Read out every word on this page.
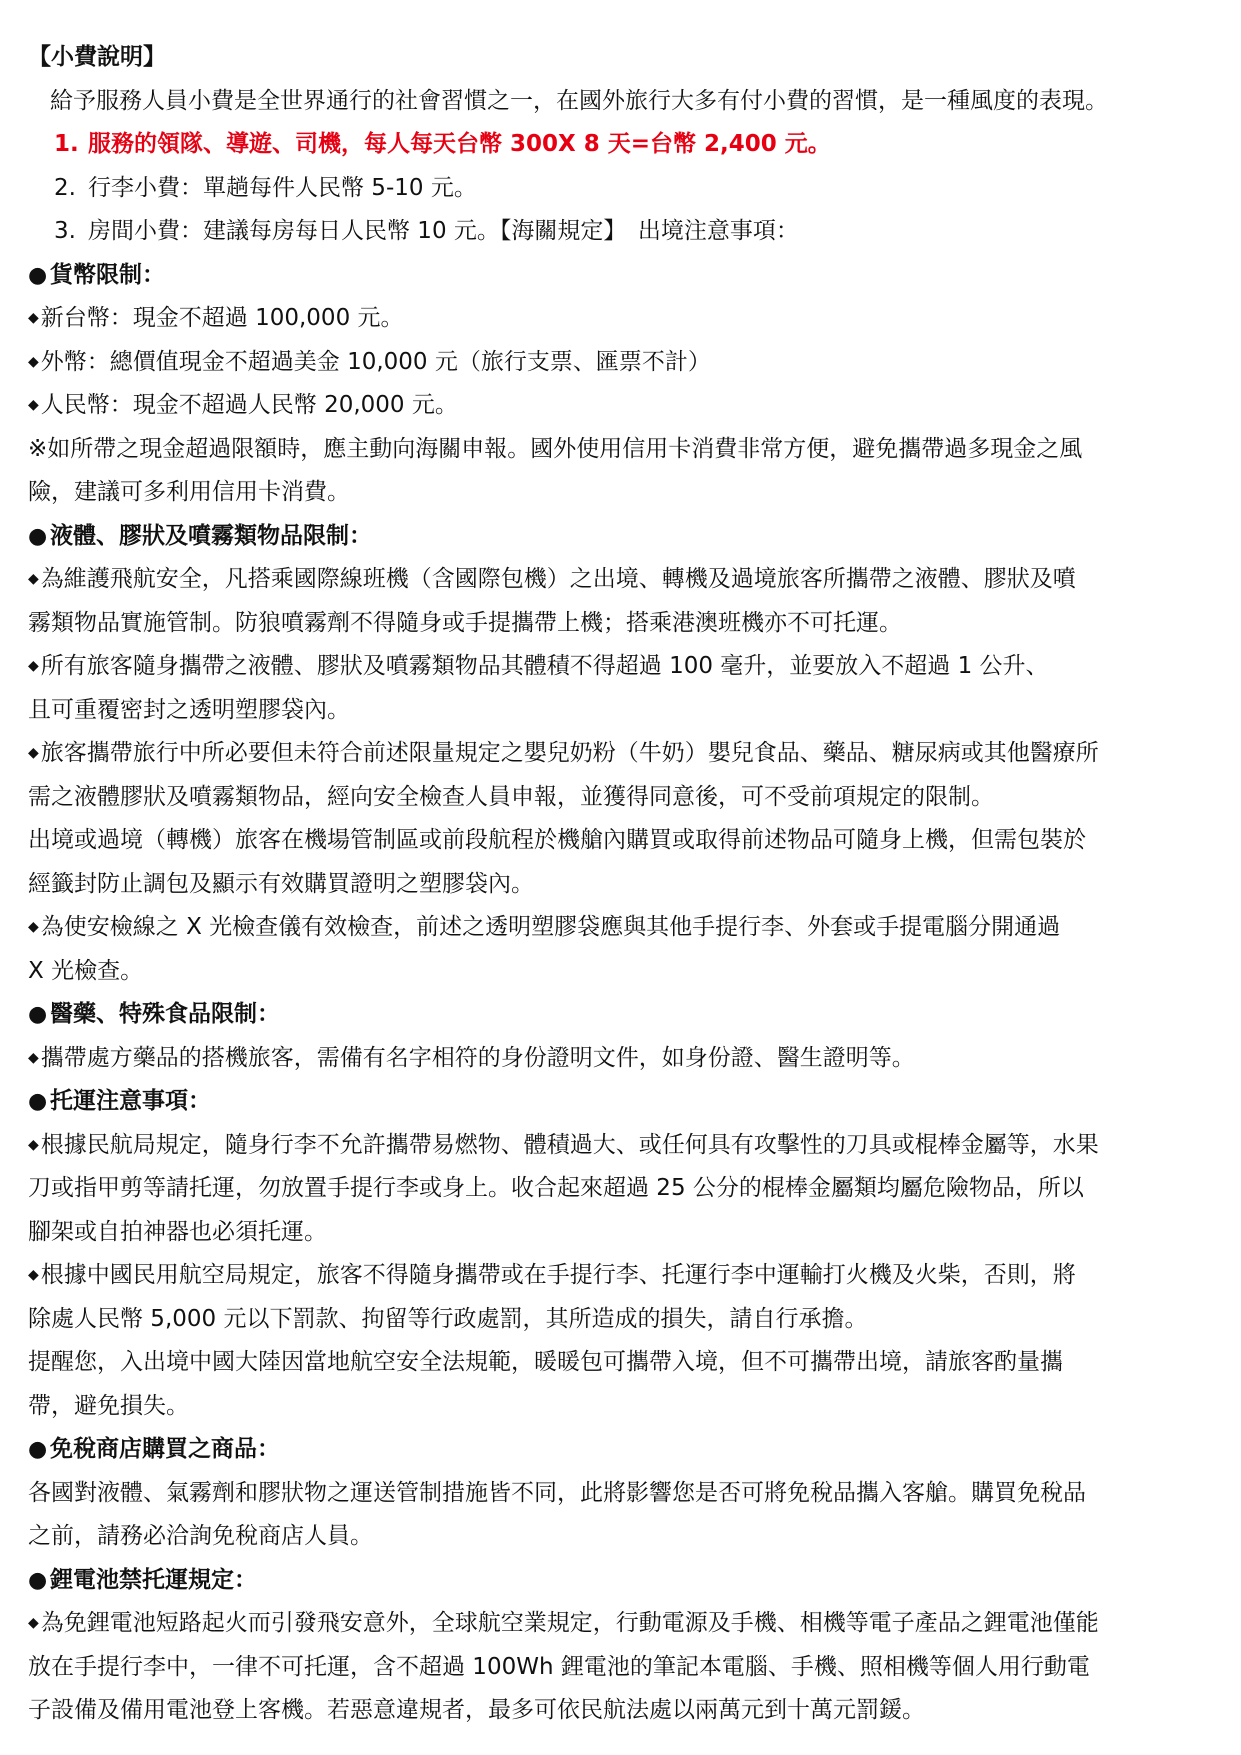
【小費說明】
給予服務人員小費是全世界通行的社會習慣之一，在國外旅行大多有付小費的習慣，是一種風度的表現。
1. 服務的領隊、導遊、司機，每人每天台幣 300X 8 天=台幣 2,400 元。
2. 行李小費：單趟每件人民幣 5-10 元。
3. 房間小費：建議每房每日人民幣 10 元。【海關規定】　出境注意事項：
● 貨幣限制：
◆新台幣：現金不超過 100,000 元。
◆外幣：總價值現金不超過美金 10,000 元（旅行支票、匯票不計）
◆人民幣：現金不超過人民幣 20,000 元。
※如所帶之現金超過限額時，應主動向海關申報。國外使用信用卡消費非常方便，避免攜帶過多現金之風
險，建議可多利用信用卡消費。
● 液體、膠狀及噴霧類物品限制：
◆為維護飛航安全，凡搭乘國際線班機（含國際包機）之出境、轉機及過境旅客所攜帶之液體、膠狀及噴
霧類物品實施管制。防狼噴霧劑不得隨身或手提攜帶上機；搭乘港澳班機亦不可托運。
◆所有旅客隨身攜帶之液體、膠狀及噴霧類物品其體積不得超過 100 毫升，並要放入不超過 1 公升、
且可重覆密封之透明塑膠袋內。
◆旅客攜帶旅行中所必要但未符合前述限量規定之嬰兒奶粉（牛奶）嬰兒食品、藥品、糖尿病或其他醫療所
需之液體膠狀及噴霧類物品，經向安全檢查人員申報，並獲得同意後，可不受前項規定的限制。
出境或過境（轉機）旅客在機場管制區或前段航程於機艙內購買或取得前述物品可隨身上機，但需包裝於
經籤封防止調包及顯示有效購買證明之塑膠袋內。
◆為使安檢線之 X 光檢查儀有效檢查，前述之透明塑膠袋應與其他手提行李、外套或手提電腦分開通過
X 光檢查。
● 醫藥、特殊食品限制：
◆攜帶處方藥品的搭機旅客，需備有名字相符的身份證明文件，如身份證、醫生證明等。
● 托運注意事項：
◆根據民航局規定，隨身行李不允許攜帶易燃物、體積過大、或任何具有攻擊性的刀具或棍棒金屬等，水果
刀或指甲剪等請托運，勿放置手提行李或身上。收合起來超過 25 公分的棍棒金屬類均屬危險物品，所以
腳架或自拍神器也必須托運。
◆根據中國民用航空局規定，旅客不得隨身攜帶或在手提行李、托運行李中運輸打火機及火柴，否則，將
除處人民幣 5,000 元以下罰款、拘留等行政處罰，其所造成的損失，請自行承擔。
提醒您，入出境中國大陸因當地航空安全法規範，暖暖包可攜帶入境，但不可攜帶出境，請旅客酌量攜
帶，避免損失。
● 免稅商店購買之商品：
各國對液體、氣霧劑和膠狀物之運送管制措施皆不同，此將影響您是否可將免稅品攜入客艙。購買免稅品
之前，請務必洽詢免稅商店人員。
● 鋰電池禁托運規定：
◆為免鋰電池短路起火而引發飛安意外，全球航空業規定，行動電源及手機、相機等電子產品之鋰電池僅能
放在手提行李中，一律不可托運，含不超過 100Wh 鋰電池的筆記本電腦、手機、照相機等個人用行動電
子設備及備用電池登上客機。若惡意違規者，最多可依民航法處以兩萬元到十萬元罰鍰。
